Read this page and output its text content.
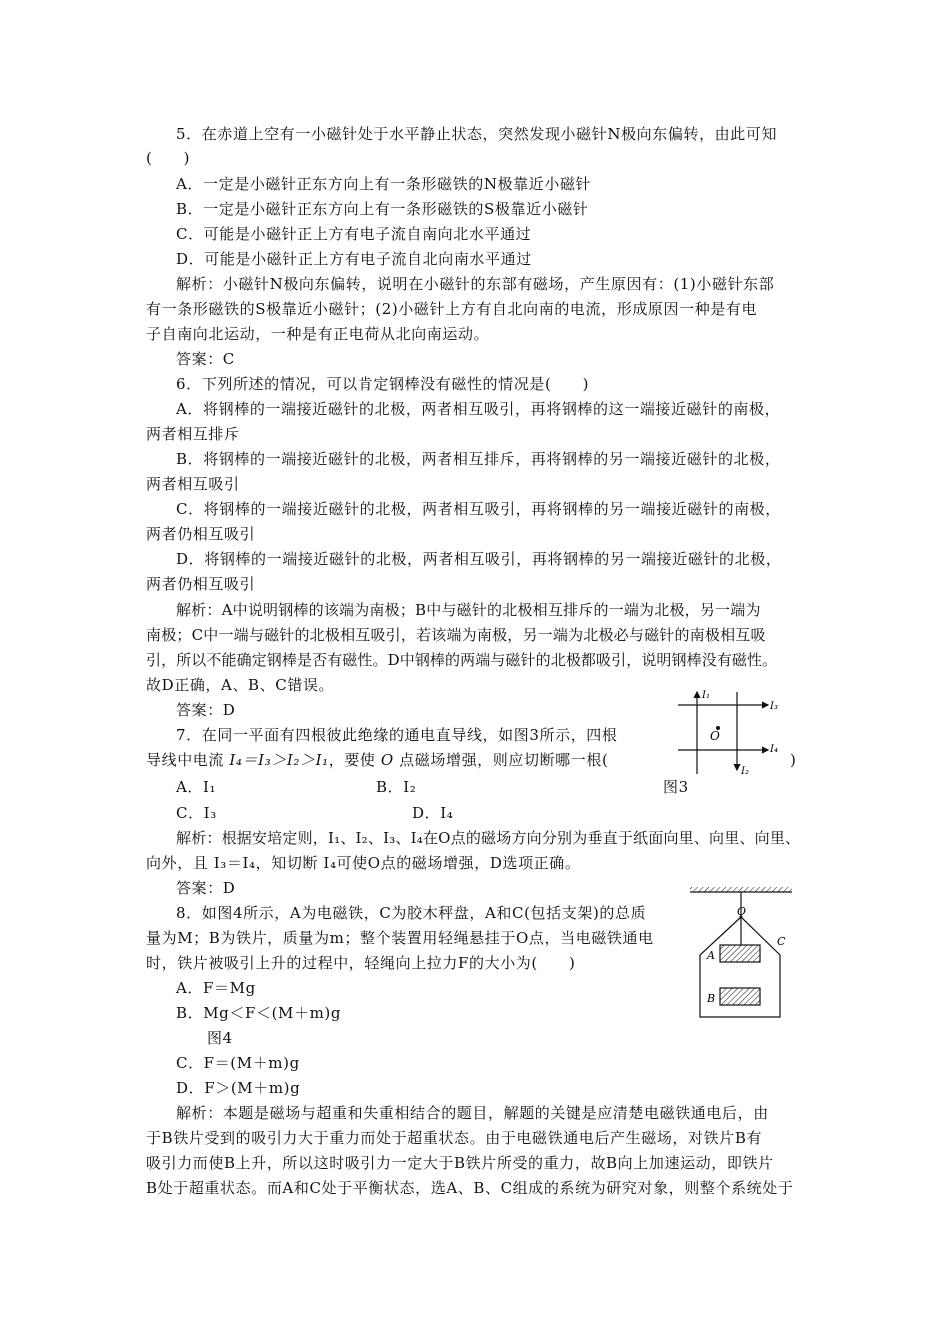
5．在赤道上空有一小磁针处于水平静止状态，突然发现小磁针N极向东偏转，由此可知
(　　)
A．一定是小磁针正东方向上有一条形磁铁的N极靠近小磁针
B．一定是小磁针正东方向上有一条形磁铁的S极靠近小磁针
C．可能是小磁针正上方有电子流自南向北水平通过
D．可能是小磁针正上方有电子流自北向南水平通过
解析：小磁针N极向东偏转，说明在小磁针的东部有磁场，产生原因有：(1)小磁针东部
有一条形磁铁的S极靠近小磁针；(2)小磁针上方有自北向南的电流，形成原因一种是有电
子自南向北运动，一种是有正电荷从北向南运动。
答案：C
6．下列所述的情况，可以肯定钢棒没有磁性的情况是(　　)
A．将钢棒的一端接近磁针的北极，两者相互吸引，再将钢棒的这一端接近磁针的南极，
两者相互排斥
B．将钢棒的一端接近磁针的北极，两者相互排斥，再将钢棒的另一端接近磁针的北极，
两者相互吸引
C．将钢棒的一端接近磁针的北极，两者相互吸引，再将钢棒的另一端接近磁针的南极，
两者仍相互吸引
D．将钢棒的一端接近磁针的北极，两者相互吸引，再将钢棒的另一端接近磁针的北极，
两者仍相互吸引
解析：A中说明钢棒的该端为南极；B中与磁针的北极相互排斥的一端为北极，另一端为
南极；C中一端与磁针的北极相互吸引，若该端为南极，另一端为北极必与磁针的南极相互吸
引，所以不能确定钢棒是否有磁性。D中钢棒的两端与磁针的北极都吸引，说明钢棒没有磁性。
故D正确，A、B、C错误。
答案：D
7．在同一平面有四根彼此绝缘的通电直导线，如图3所示，四根
导线中电流 I₄＝I₃＞I₂＞I₁，要使 O 点磁场增强，则应切断哪一根(	)
A．I₁	B．I₂	图3
C．I₃	D．I₄
解析：根据安培定则，I₁、I₂、I₃、I₄在O点的磁场方向分别为垂直于纸面向里、向里、向里、
向外，且 I₃＝I₄，知切断 I₄可使O点的磁场增强，D选项正确。
答案：D
I₁
I₃
I₄
I₂
O
8．如图4所示，A为电磁铁，C为胶木秤盘，A和C(包括支架)的总质
量为M；B为铁片，质量为m；整个装置用轻绳悬挂于O点，当电磁铁通电
时，铁片被吸引上升的过程中，轻绳向上拉力F的大小为(　　)
A．F＝Mg
B．Mg＜F＜(M＋m)g
图4
C．F＝(M＋m)g
D．F＞(M＋m)g
解析：本题是磁场与超重和失重相结合的题目，解题的关键是应清楚电磁铁通电后，由
于B铁片受到的吸引力大于重力而处于超重状态。由于电磁铁通电后产生磁场，对铁片B有
吸引力而使B上升，所以这时吸引力一定大于B铁片所受的重力，故B向上加速运动，即铁片
B处于超重状态。而A和C处于平衡状态，选A、B、C组成的系统为研究对象，则整个系统处于
O
A
B
C
